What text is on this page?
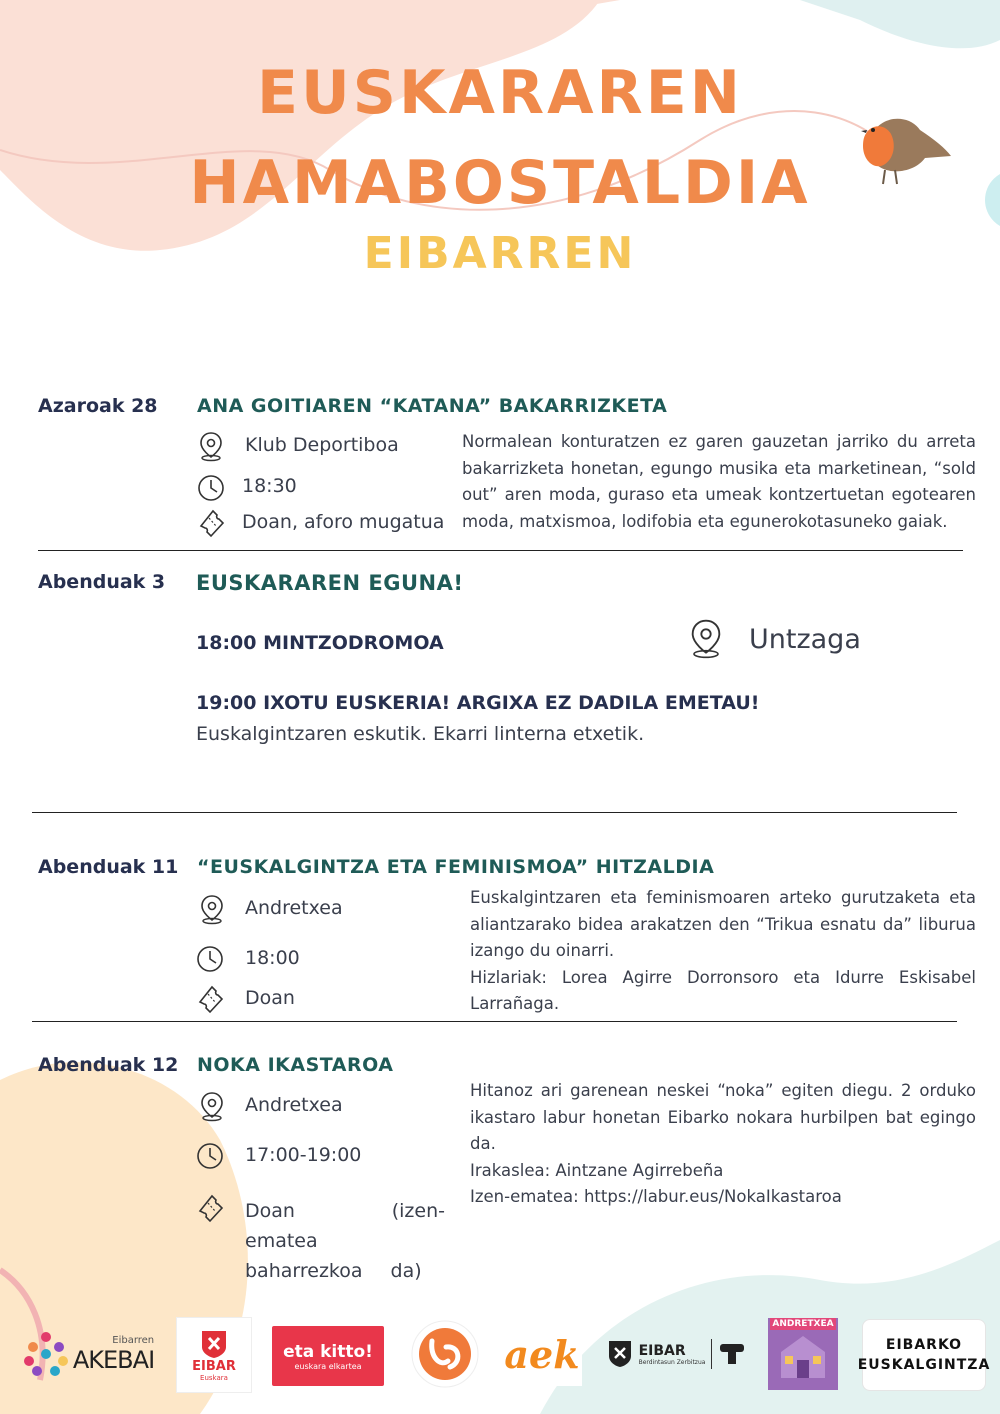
EUSKARAREN
HAMABOSTALDIA
EIBARREN
Azaroak 28 ANA GOITIAREN “KATANA” BAKARRIZKETA
Klub Deportiboa
18:30
Doan, aforo mugatua

Normalean konturatzen ez garen gauzetan jarriko du arreta bakarrizketa honetan, egungo musika eta marketinean, “sold out” aren moda, guraso eta umeak kontzertuetan egotearen moda, matxismoa, lodifobia eta egunerokotasuneko gaiak.

Abenduak 3 EUSKARAREN EGUNA!
18:00 MINTZODROMOA	Untzaga
19:00 IXOTU EUSKERIA! ARGIXA EZ DADILA EMETAU!
Euskalgintzaren eskutik. Ekarri linterna etxetik.
Abenduak 11 “EUSKALGINTZA ETA FEMINISMOA” HITZALDIA
Andretxea
18:00
Doan

Euskalgintzaren eta feminismoaren arteko gurutzaketa eta aliantzarako bidea arakatzen den “Trikua esnatu da” liburua izango du oinarri.

Hizlariak: Lorea Agirre Dorronsoro eta Idurre Eskisabel Larrañaga.

Abenduak 12 NOKA IKASTAROA
Andretxea
17:00-19:00
Doan (izen-ematea baharrezkoa da)

Hitanoz ari garenean neskei “noka” egiten diegu. 2 orduko ikastaro labur honetan Eibarko nokara hurbilpen bat egingo da.

Irakaslea: Aintzane Agirrebeña

Izen-ematea: https://labur.eus/NokaIkastaroa

Eibarren
AKEBAI	EIBAR
Euskara
eta kitto!
euskara elkartea	aek	EIBAR
Berdintasun Zerbitzua
ANDRETXEA
EIBARKO
EUSKALGINTZA
